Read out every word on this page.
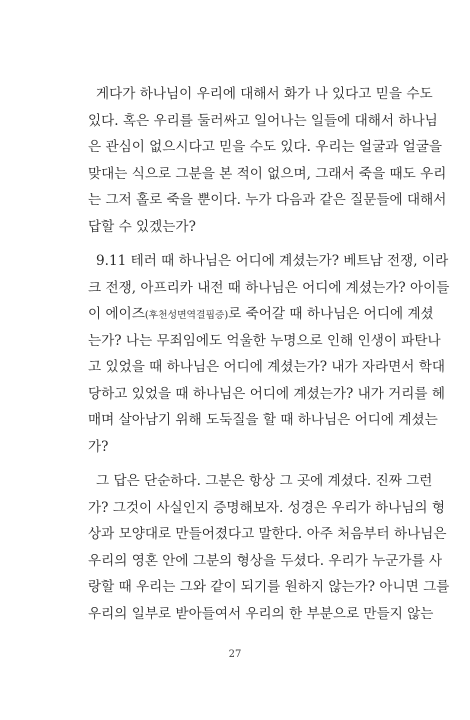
게다가 하나님이 우리에 대해서 화가 나 있다고 믿을 수도
있다. 혹은 우리를 둘러싸고 일어나는 일들에 대해서 하나님
은 관심이 없으시다고 믿을 수도 있다. 우리는 얼굴과 얼굴을
맞대는 식으로 그분을 본 적이 없으며, 그래서 죽을 때도 우리
는 그저 홀로 죽을 뿐이다. 누가 다음과 같은 질문들에 대해서
답할 수 있겠는가?
9.11 테러 때 하나님은 어디에 계셨는가? 베트남 전쟁, 이라
크 전쟁, 아프리카 내전 때 하나님은 어디에 계셨는가? 아이들
이 에이즈(후천성면역결핍증)로 죽어갈 때 하나님은 어디에 계셨
는가? 나는 무죄임에도 억울한 누명으로 인해 인생이 파탄나
고 있었을 때 하나님은 어디에 계셨는가? 내가 자라면서 학대
당하고 있었을 때 하나님은 어디에 계셨는가? 내가 거리를 헤
매며 살아남기 위해 도둑질을 할 때 하나님은 어디에 계셨는
가?
그 답은 단순하다. 그분은 항상 그 곳에 계셨다. 진짜 그런
가? 그것이 사실인지 증명해보자. 성경은 우리가 하나님의 형
상과 모양대로 만들어졌다고 말한다. 아주 처음부터 하나님은
우리의 영혼 안에 그분의 형상을 두셨다. 우리가 누군가를 사
랑할 때 우리는 그와 같이 되기를 원하지 않는가? 아니면 그를
우리의 일부로 받아들여서 우리의 한 부분으로 만들지 않는
27
